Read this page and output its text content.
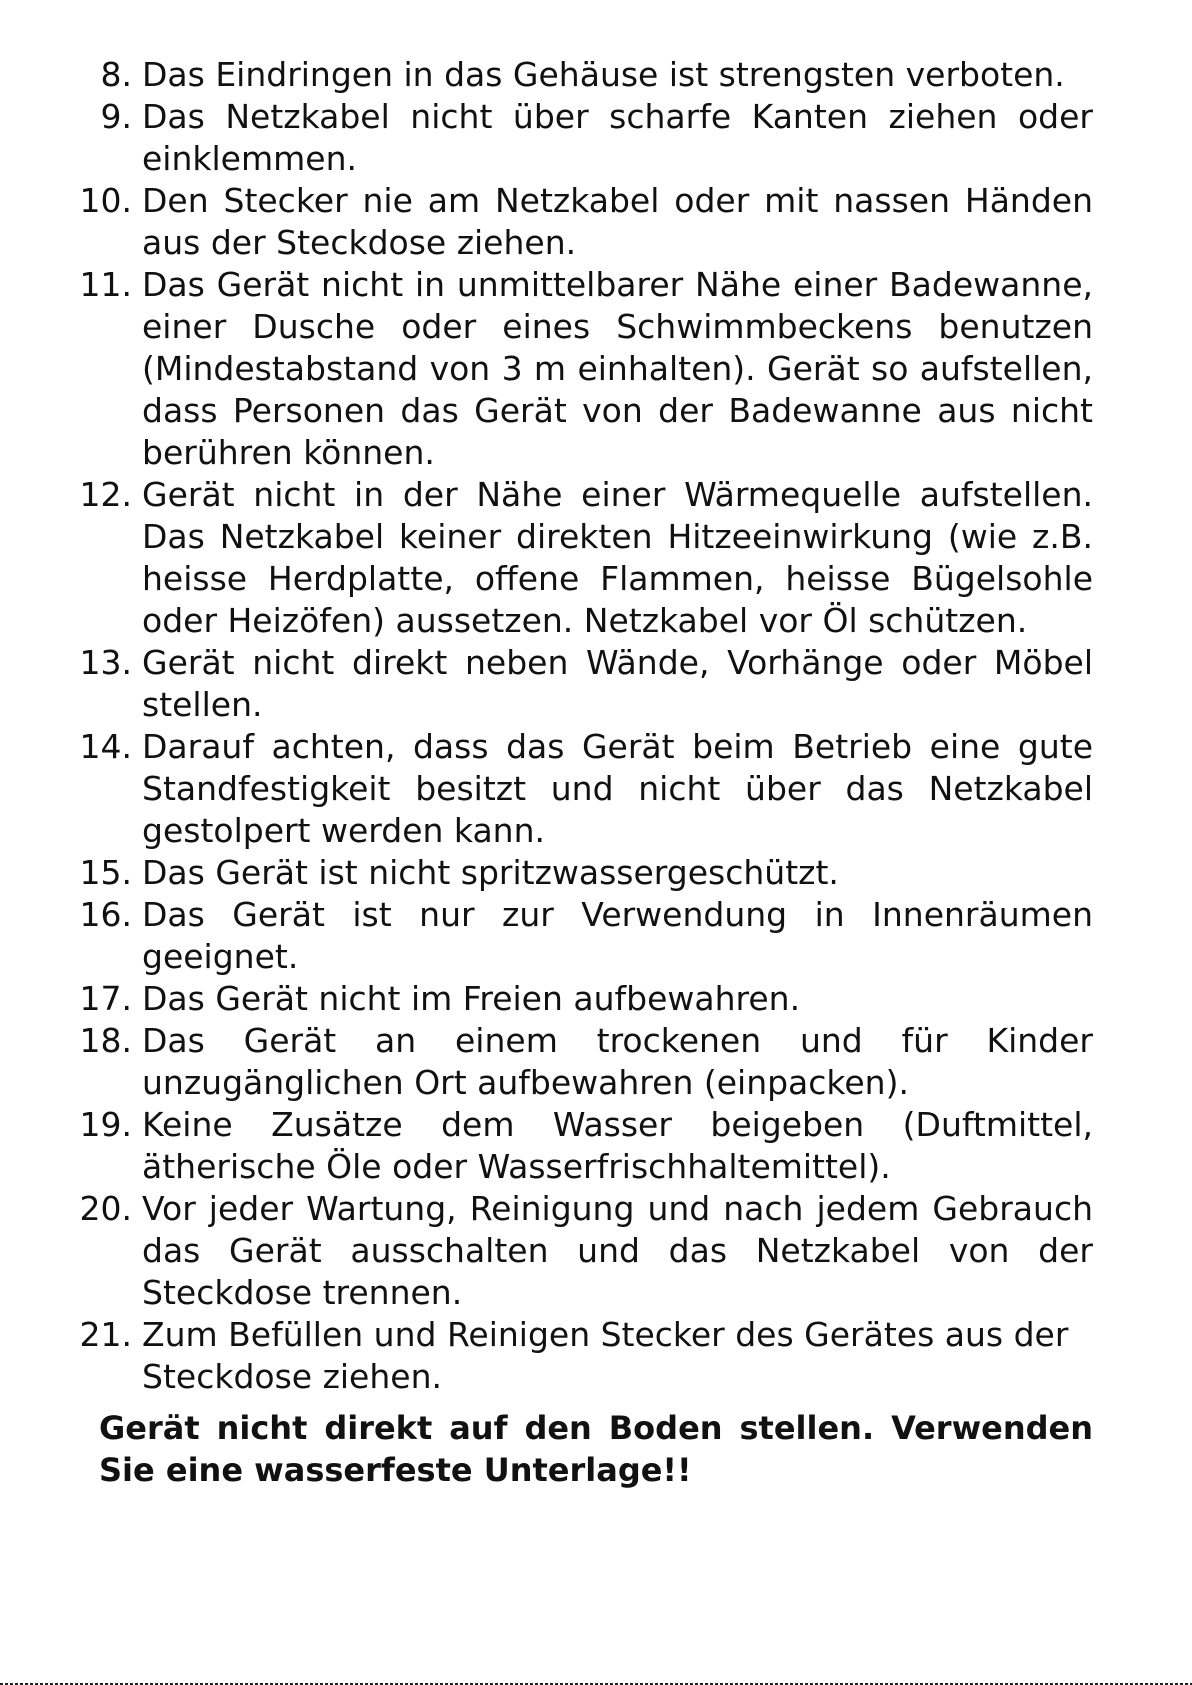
8. Das Eindringen in das Gehäuse ist strengsten verboten.
9. Das Netzkabel nicht über scharfe Kanten ziehen oder einklemmen.
10. Den Stecker nie am Netzkabel oder mit nassen Händen aus der Steckdose ziehen.
11. Das Gerät nicht in unmittelbarer Nähe einer Badewanne, einer Dusche oder eines Schwimmbeckens benutzen (Mindestabstand von 3 m einhalten). Gerät so aufstellen, dass Personen das Gerät von der Badewanne aus nicht berühren können.
12. Gerät nicht in der Nähe einer Wärmequelle aufstellen. Das Netzkabel keiner direkten Hitzeeinwirkung (wie z.B. heisse Herdplatte, offene Flammen, heisse Bügelsohle oder Heizöfen) aussetzen. Netzkabel vor Öl schützen.
13. Gerät nicht direkt neben Wände, Vorhänge oder Möbel stellen.
14. Darauf achten, dass das Gerät beim Betrieb eine gute Standfestigkeit besitzt und nicht über das Netzkabel gestolpert werden kann.
15. Das Gerät ist nicht spritzwassergeschützt.
16. Das Gerät ist nur zur Verwendung in Innenräumen geeignet.
17. Das Gerät nicht im Freien aufbewahren.
18. Das Gerät an einem trockenen und für Kinder unzugänglichen Ort aufbewahren (einpacken).
19. Keine Zusätze dem Wasser beigeben (Duftmittel, ätherische Öle oder Wasserfrischhaltemittel).
20. Vor jeder Wartung, Reinigung und nach jedem Gebrauch das Gerät ausschalten und das Netzkabel von der Steckdose trennen.
21. Zum Befüllen und Reinigen Stecker des Gerätes aus der Steckdose ziehen.

Gerät nicht direkt auf den Boden stellen. Verwenden Sie eine wasserfeste Unterlage!!
